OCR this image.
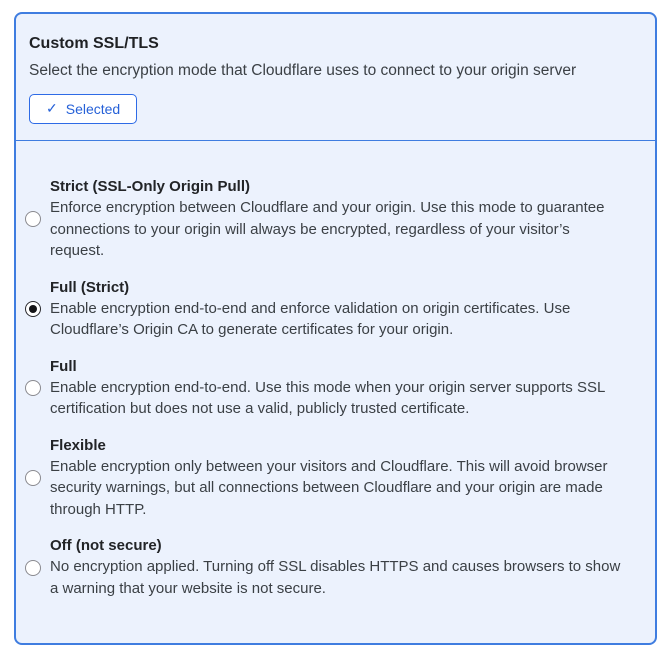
Custom SSL/TLS
Select the encryption mode that Cloudflare uses to connect to your origin server
✓ Selected
Strict (SSL-Only Origin Pull)
Enforce encryption between Cloudflare and your origin. Use this mode to guarantee connections to your origin will always be encrypted, regardless of your visitor’s request.
Full (Strict)
Enable encryption end-to-end and enforce validation on origin certificates. Use Cloudflare’s Origin CA to generate certificates for your origin.
Full
Enable encryption end-to-end. Use this mode when your origin server supports SSL certification but does not use a valid, publicly trusted certificate.
Flexible
Enable encryption only between your visitors and Cloudflare. This will avoid browser security warnings, but all connections between Cloudflare and your origin are made through HTTP.
Off (not secure)
No encryption applied. Turning off SSL disables HTTPS and causes browsers to show a warning that your website is not secure.
